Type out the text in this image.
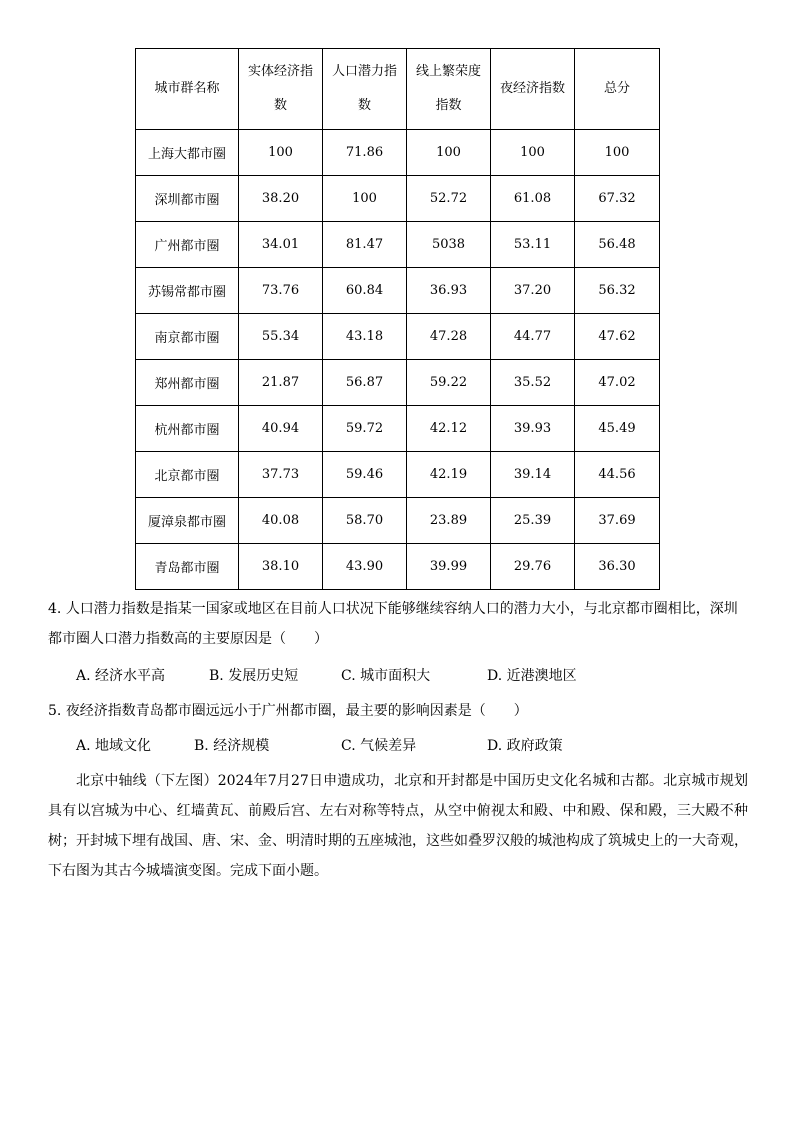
城市群名称	实体经济指数	人口潜力指数	线上繁荣度指数	夜经济指数	总分
上海大都市圈	100	71.86	100	100	100
深圳都市圈	38.20	100	52.72	61.08	67.32
广州都市圈	34.01	81.47	5038	53.11	56.48
苏锡常都市圈	73.76	60.84	36.93	37.20	56.32
南京都市圈	55.34	43.18	47.28	44.77	47.62
郑州都市圈	21.87	56.87	59.22	35.52	47.02
杭州都市圈	40.94	59.72	42.12	39.93	45.49
北京都市圈	37.73	59.46	42.19	39.14	44.56
厦漳泉都市圈	40.08	58.70	23.89	25.39	37.69
青岛都市圈	38.10	43.90	39.99	29.76	36.30
4. 人口潜力指数是指某一国家或地区在目前人口状况下能够继续容纳人口的潜力大小，与北京都市圈相比，深圳都市圈人口潜力指数高的主要原因是（　　）
A. 经济水平高	B. 发展历史短	C. 城市面积大	D. 近港澳地区
5. 夜经济指数青岛都市圈远远小于广州都市圈，最主要的影响因素是（　　）
A. 地域文化	B. 经济规模	C. 气候差异	D. 政府政策
北京中轴线（下左图）2024年7月27日申遗成功，北京和开封都是中国历史文化名城和古都。北京城市规划具有以宫城为中心、红墙黄瓦、前殿后宫、左右对称等特点，从空中俯视太和殿、中和殿、保和殿，三大殿不种树；开封城下埋有战国、唐、宋、金、明清时期的五座城池，这些如叠罗汉般的城池构成了筑城史上的一大奇观，下右图为其古今城墙演变图。完成下面小题。
